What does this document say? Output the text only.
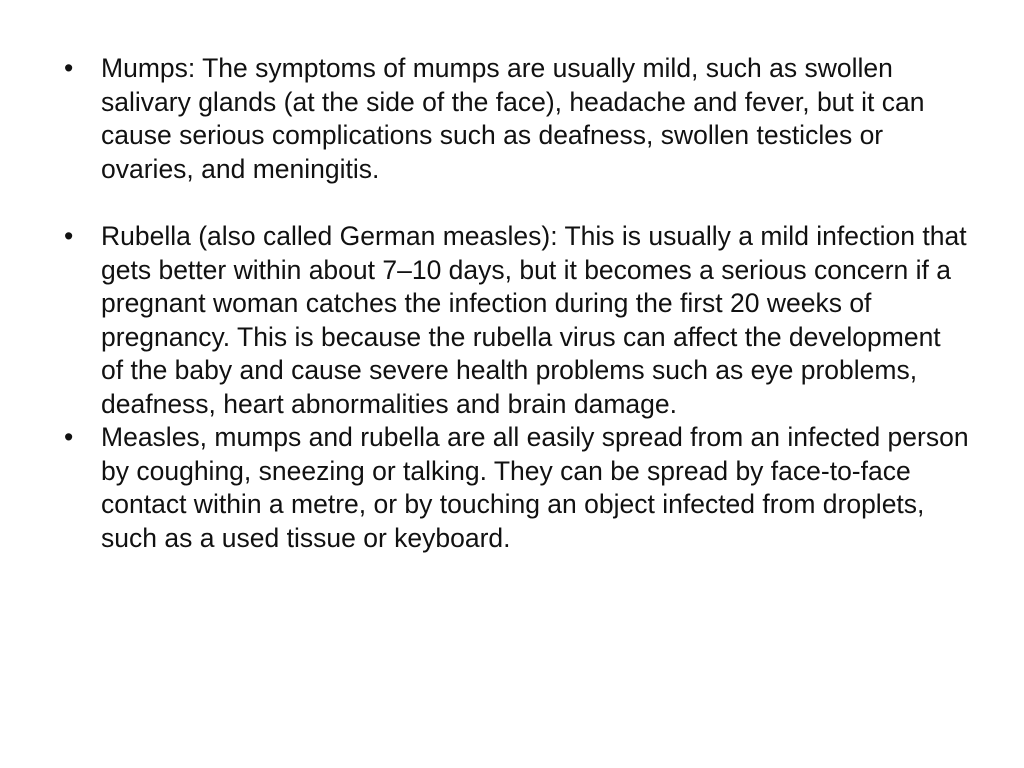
•	Mumps: The symptoms of mumps are usually mild, such as swollen salivary glands (at the side of the face), headache and fever, but it can cause serious complications such as deafness, swollen testicles or ovaries, and meningitis.
•	Rubella (also called German measles): This is usually a mild infection that gets better within about 7–10 days, but it becomes a serious concern if a pregnant woman catches the infection during the first 20 weeks of pregnancy. This is because the rubella virus can affect the development of the baby and cause severe health problems such as eye problems, deafness, heart abnormalities and brain damage.
•	Measles, mumps and rubella are all easily spread from an infected person by coughing, sneezing or talking. They can be spread by face-to-face contact within a metre, or by touching an object infected from droplets, such as a used tissue or keyboard.
